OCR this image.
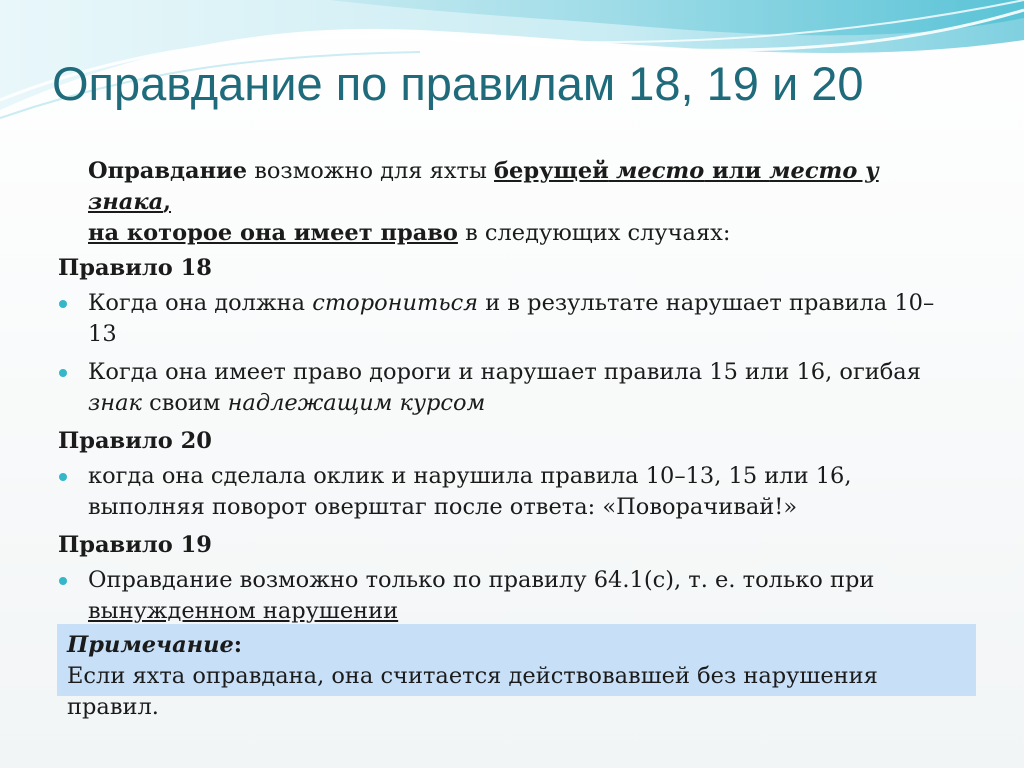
Оправдание по правилам 18, 19 и 20

Оправдание возможно для яхты берущей место или место у знака,

на которое она имеет право в следующих случаях:

Правило 18
Когда она должна сторониться и в результате нарушает правила 10–13
Когда она имеет право дороги и нарушает правила 15 или 16, огибая знак своим надлежащим курсом
Правило 20
когда она сделала оклик и нарушила правила 10–13, 15 или 16, выполняя поворот оверштаг после ответа: «Поворачивай!»
Правило 19
Оправдание возможно только по правилу 64.1(с), т. е. только при вынужденном нарушении
Примечание:
Если яхта оправдана, она считается действовавшей без нарушения правил.
